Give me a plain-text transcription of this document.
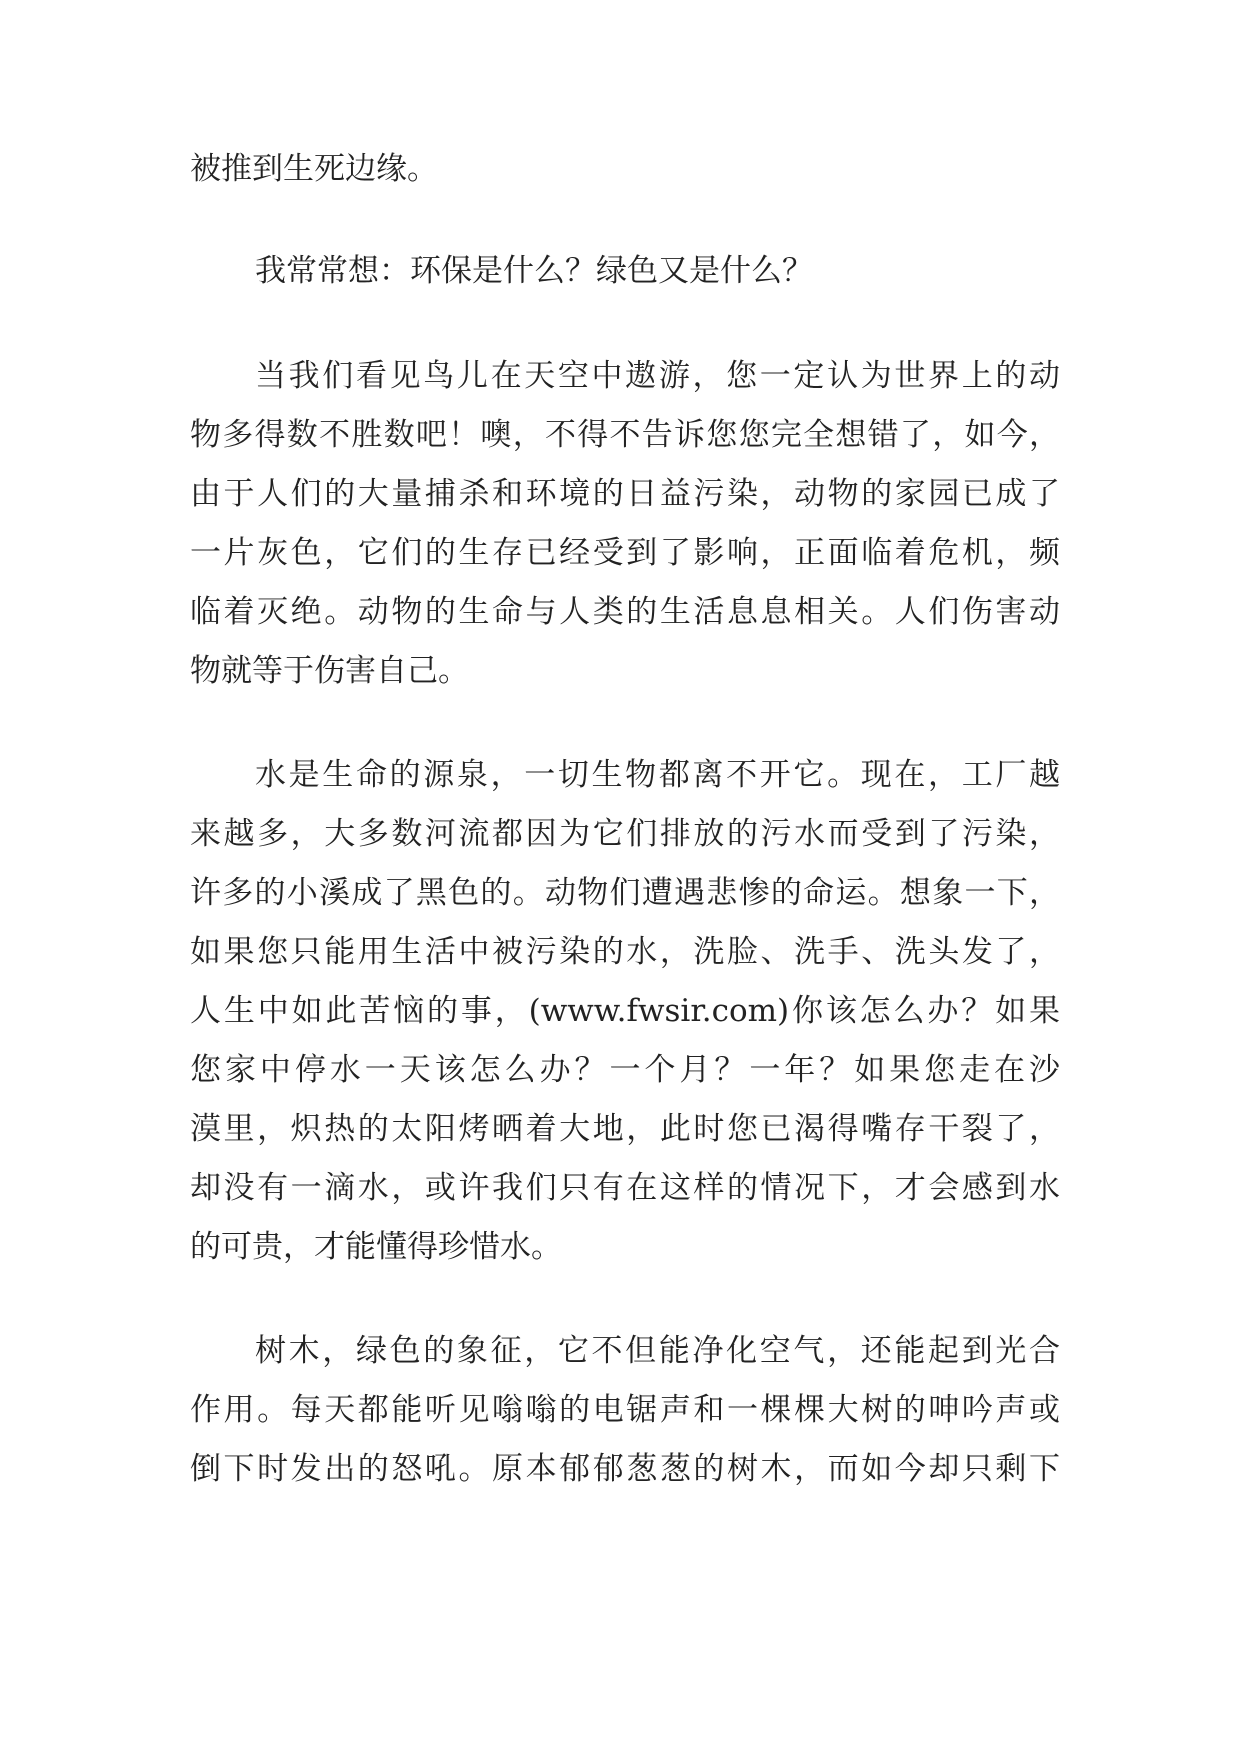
被推到生死边缘。

我常常想：环保是什么？绿色又是什么？

当我们看见鸟儿在天空中遨游，您一定认为世界上的动

物多得数不胜数吧！噢，不得不告诉您您完全想错了，如今，

由于人们的大量捕杀和环境的日益污染，动物的家园已成了

一片灰色，它们的生存已经受到了影响，正面临着危机，频

临着灭绝。动物的生命与人类的生活息息相关。人们伤害动

物就等于伤害自己。

水是生命的源泉，一切生物都离不开它。现在，工厂越

来越多，大多数河流都因为它们排放的污水而受到了污染，

许多的小溪成了黑色的。动物们遭遇悲惨的命运。想象一下，

如果您只能用生活中被污染的水，洗脸、洗手、洗头发了，

人生中如此苦恼的事，(www.fwsir.com)你该怎么办？如果

您家中停水一天该怎么办？一个月？一年？如果您走在沙

漠里，炽热的太阳烤晒着大地，此时您已渴得嘴存干裂了，

却没有一滴水，或许我们只有在这样的情况下，才会感到水

的可贵，才能懂得珍惜水。

树木，绿色的象征，它不但能净化空气，还能起到光合

作用。每天都能听见嗡嗡的电锯声和一棵棵大树的呻吟声或

倒下时发出的怒吼。原本郁郁葱葱的树木，而如今却只剩下
